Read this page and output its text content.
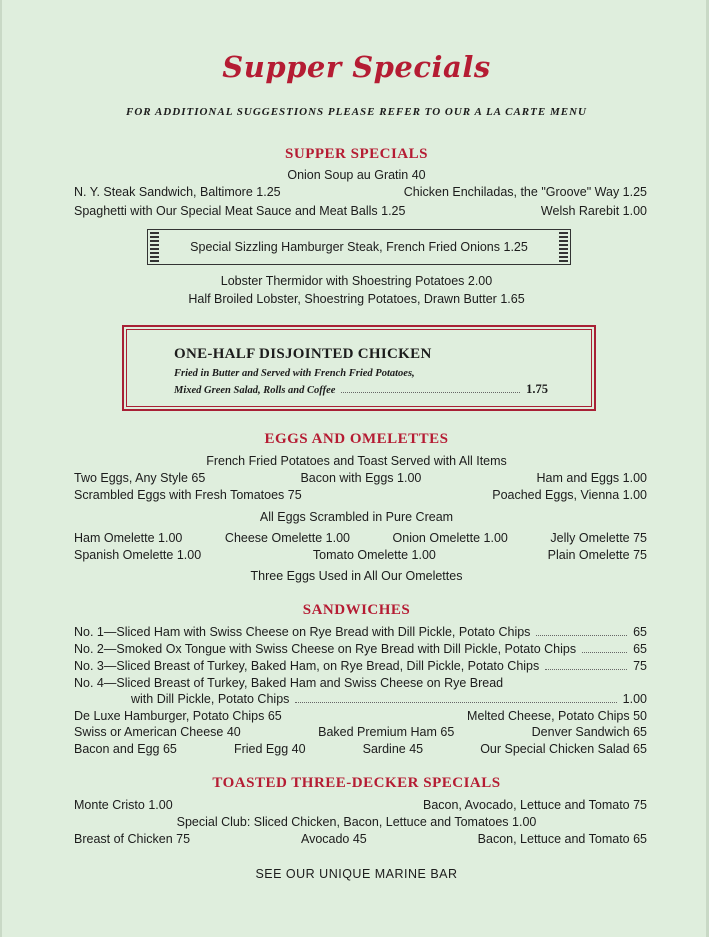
Supper Specials
FOR ADDITIONAL SUGGESTIONS PLEASE REFER TO OUR A LA CARTE MENU
SUPPER SPECIALS
Onion Soup au Gratin 40
N. Y. Steak Sandwich, Baltimore 1.25	Chicken Enchiladas, the "Groove" Way 1.25
Spaghetti with Our Special Meat Sauce and Meat Balls 1.25	Welsh Rarebit 1.00
Special Sizzling Hamburger Steak, French Fried Onions 1.25
Lobster Thermidor with Shoestring Potatoes 2.00
Half Broiled Lobster, Shoestring Potatoes, Drawn Butter 1.65
ONE-HALF DISJOINTED CHICKEN
Fried in Butter and Served with French Fried Potatoes,
Mixed Green Salad, Rolls and Coffee	1.75
EGGS AND OMELETTES
French Fried Potatoes and Toast Served with All Items
Two Eggs, Any Style 65	Bacon with Eggs 1.00	Ham and Eggs 1.00
Scrambled Eggs with Fresh Tomatoes 75	Poached Eggs, Vienna 1.00
All Eggs Scrambled in Pure Cream
Ham Omelette 1.00	Cheese Omelette 1.00	Onion Omelette 1.00	Jelly Omelette 75
Spanish Omelette 1.00	Tomato Omelette 1.00	Plain Omelette 75
Three Eggs Used in All Our Omelettes
SANDWICHES
No. 1—Sliced Ham with Swiss Cheese on Rye Bread with Dill Pickle, Potato Chips	65
No. 2—Smoked Ox Tongue with Swiss Cheese on Rye Bread with Dill Pickle, Potato Chips	65
No. 3—Sliced Breast of Turkey, Baked Ham, on Rye Bread, Dill Pickle, Potato Chips	75
No. 4—Sliced Breast of Turkey, Baked Ham and Swiss Cheese on Rye Bread
with Dill Pickle, Potato Chips	1.00
De Luxe Hamburger, Potato Chips 65	Melted Cheese, Potato Chips 50
Swiss or American Cheese 40	Baked Premium Ham 65	Denver Sandwich 65
Bacon and Egg 65	Fried Egg 40	Sardine 45	Our Special Chicken Salad 65
TOASTED THREE-DECKER SPECIALS
Monte Cristo 1.00	Bacon, Avocado, Lettuce and Tomato 75
Special Club: Sliced Chicken, Bacon, Lettuce and Tomatoes 1.00
Breast of Chicken 75	Avocado 45	Bacon, Lettuce and Tomato 65
SEE OUR UNIQUE MARINE BAR
